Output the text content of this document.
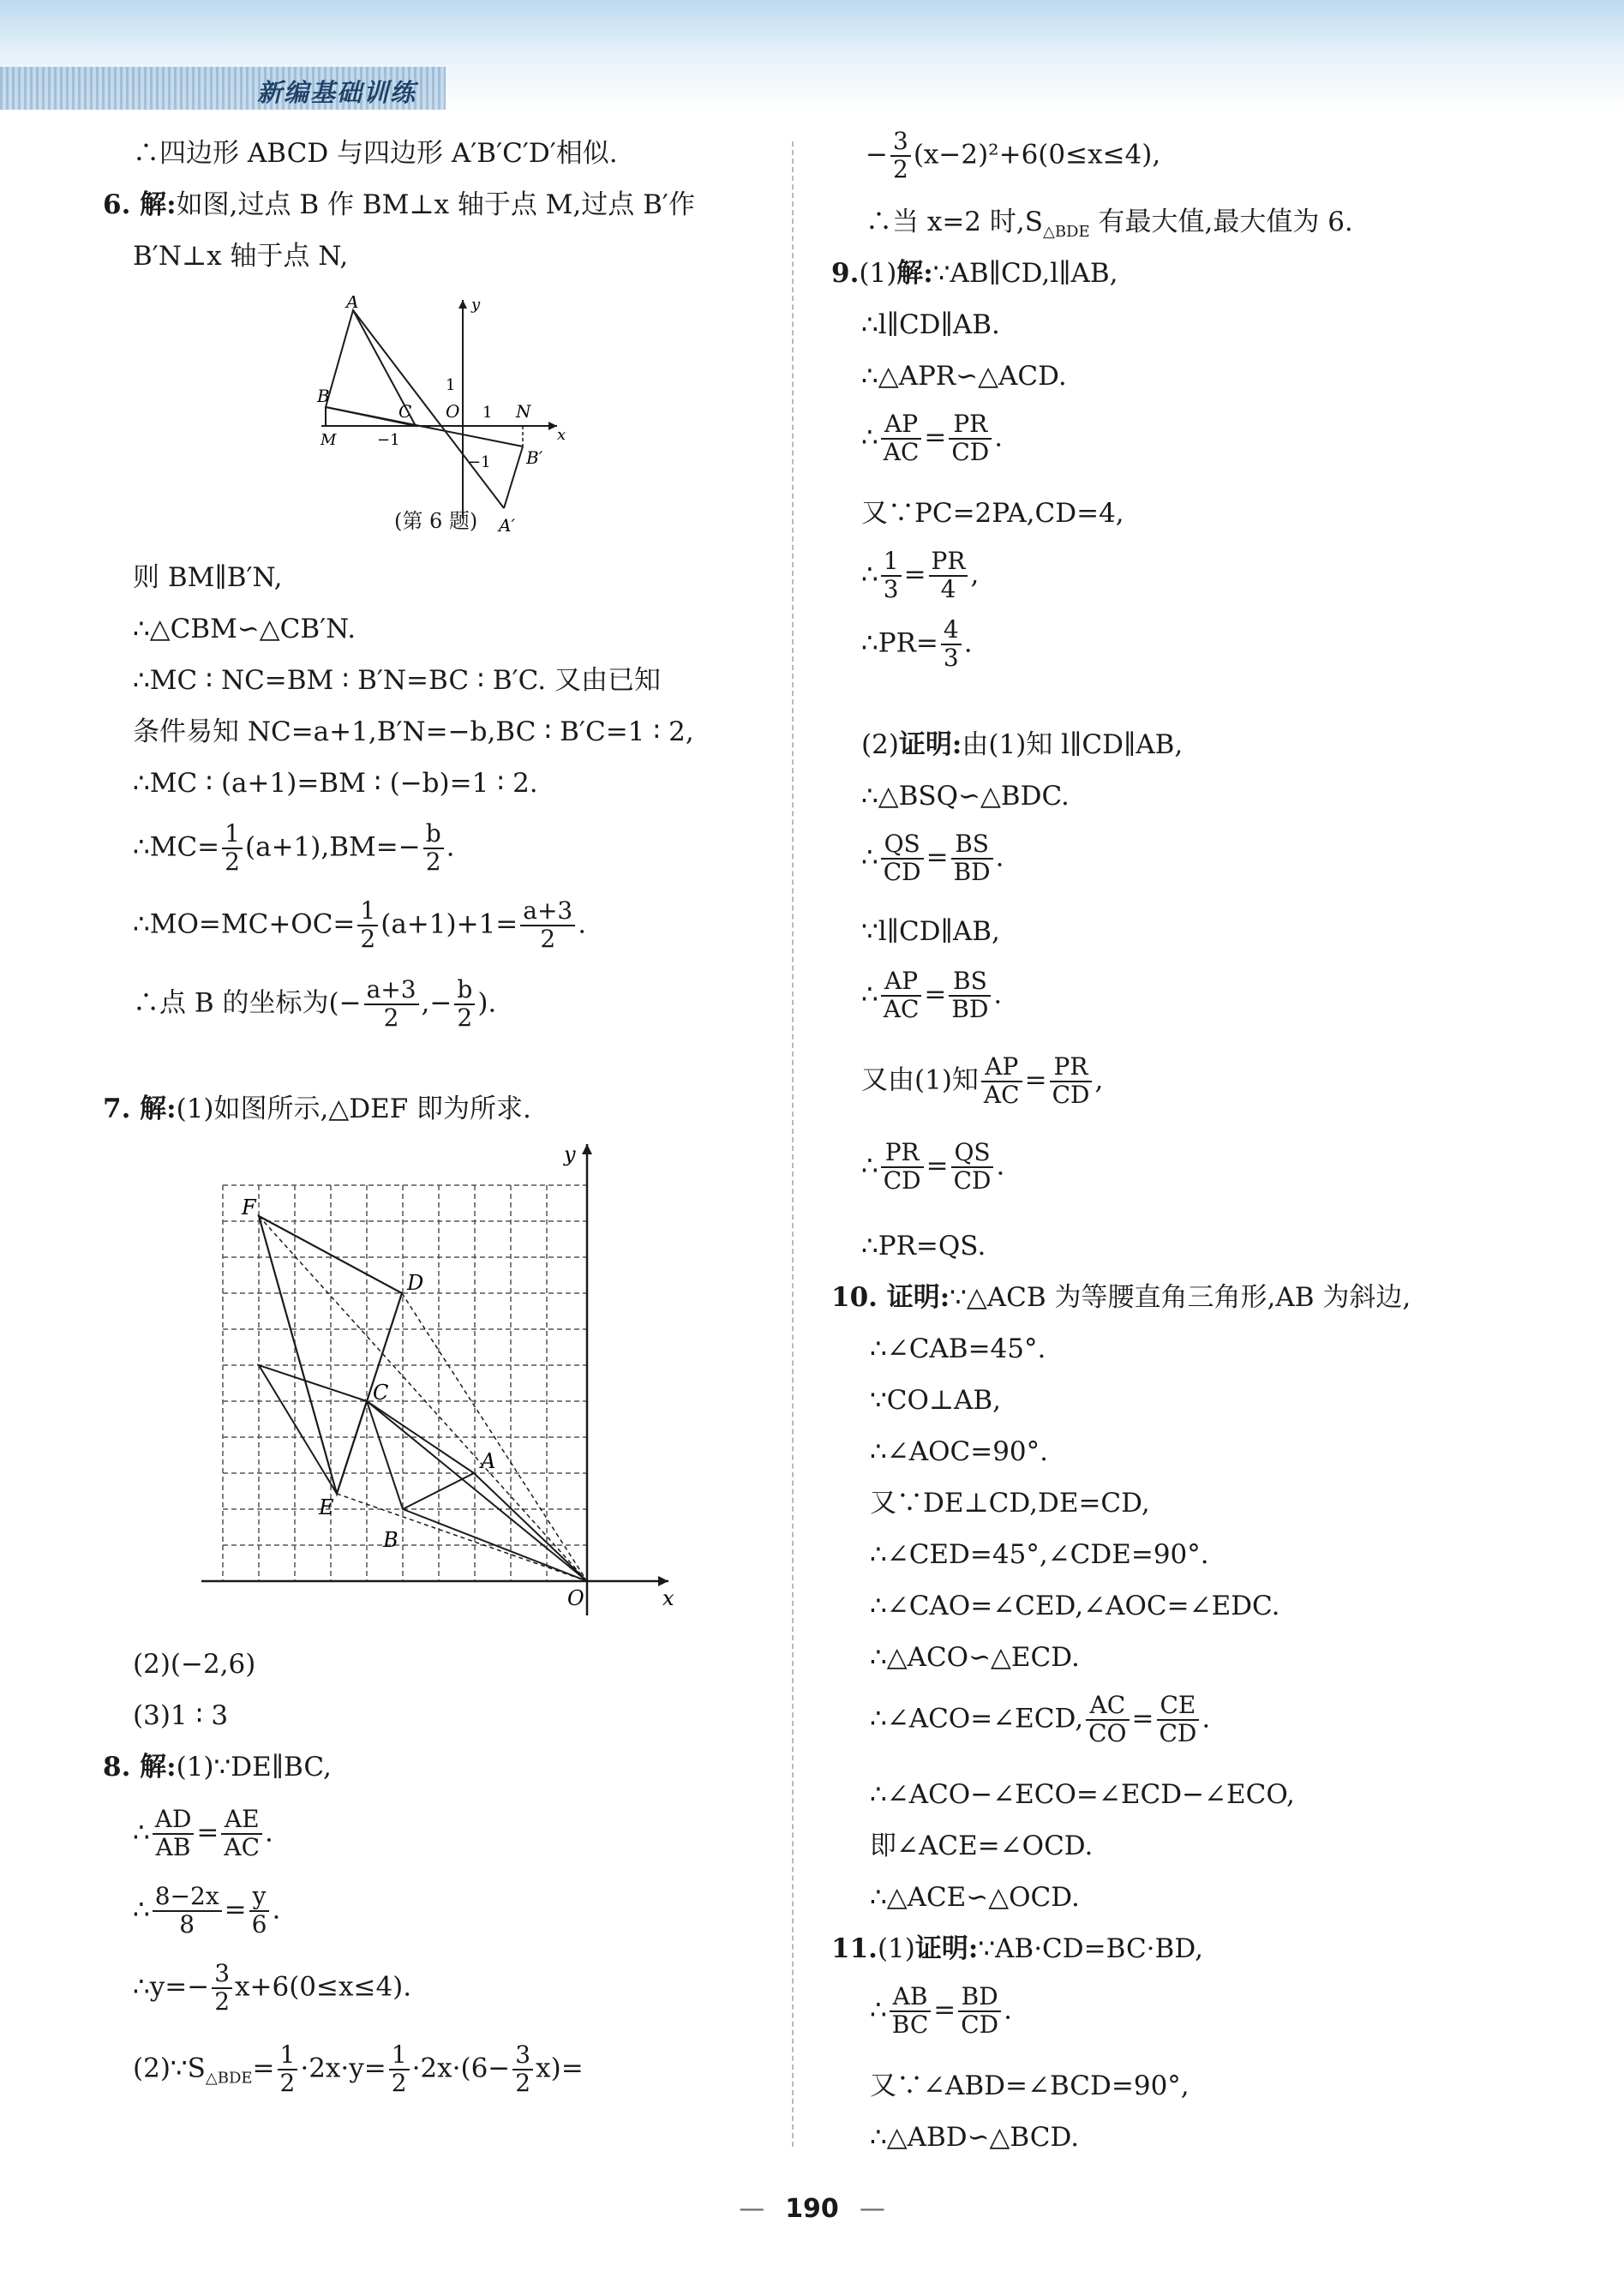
新编基础训练
∴四边形 ABCD 与四边形 A′B′C′D′相似.
6. 解:如图,过点 B 作 BM⊥x 轴于点 M,过点 B′作
B′N⊥x 轴于点 N,
A
B
C
M
O 1 N
x
y
1
−1
−1 B′
A′
(第 6 题)
则 BM∥B′N,
∴△CBM∽△CB′N.
∴MC ∶ NC=BM ∶ B′N=BC ∶ B′C. 又由已知
条件易知 NC=a+1,B′N=−b,BC ∶ B′C=1 ∶ 2,
∴MC ∶ (a+1)=BM ∶ (−b)=1 ∶ 2.
∴MC= $\frac{1}{2} (a+1),BM=- \frac{b}{2}$ .
∴MO=MC+OC= $\frac{1}{2} (a+1)+1= \frac{a+3}{2}$ .
∴点 B 的坐标为(− $\frac{a+3}{2}$ ,− $\frac{b}{2}$ ).
7. 解:(1)如图所示,△DEF 即为所求.
F
D
C
A
E
B
O	x
y
(2)(−2,6)
(3)1 ∶ 3
8. 解:(1)∵DE∥BC,
∴ $\frac{AD}{AB} = \frac{AE}{AC}$ .
∴ $\frac{8-2x}{8} = \frac{y}{6}$ .
∴y=− $\frac{3}{2} x+6(0\le x\le 4)$.
$(2)\because S_{\triangle BDE}= \frac{1}{2} \cdot 2x\cdot y= \frac{1}{2} \cdot 2x\cdot(6- \frac{3}{2} x)=$
− $\frac{3}{2} (x-2)^2+6(0\le x\le 4)$,
∴当 x=2 时$,S_{\triangle BDE}$ 有最大值,最大值为 6.
9.(1)解:∵AB∥CD,l∥AB,
∴l∥CD∥AB.
∴△APR∽△ACD.
∴ $\frac{AP}{AC} = \frac{PR}{CD}$ .
又∵PC=2PA,CD=4,
∴ $\frac{1}{3} = \frac{PR}{4}$ ,
∴PR= $\frac{4}{3}$ .
(2)证明:由(1)知 l∥CD∥AB,
∴△BSQ∽△BDC.
∴ $\frac{QS}{CD} = \frac{BS}{BD}$ .
∵l∥CD∥AB,
∴ $\frac{AP}{AC} = \frac{BS}{BD}$ .
又由(1)知 $\frac{AP}{AC} = \frac{PR}{CD}$ ,
∴ $\frac{PR}{CD} = \frac{QS}{CD}$ .
∴PR=QS.
10. 证明:∵△ACB 为等腰直角三角形,AB 为斜边,
∴∠CAB=45°.
∵CO⊥AB,
∴∠AOC=90°.
又∵DE⊥CD,DE=CD,
∴∠CED=45°,∠CDE=90°.
∴∠CAO=∠CED,∠AOC=∠EDC.
∴△ACO∽△ECD.
∴∠ACO=∠ECD, $\frac{AC}{CO} = \frac{CE}{CD}$ .
∴∠ACO−∠ECO=∠ECD−∠ECO,
即∠ACE=∠OCD.
∴△ACE∽△OCD.
11.(1)证明:∵AB·CD=BC·BD,
∴ $\frac{AB}{BC} = \frac{BD}{CD}$ .
又∵∠ABD=∠BCD=90°,
∴△ABD∽△BCD.
— 190 —
